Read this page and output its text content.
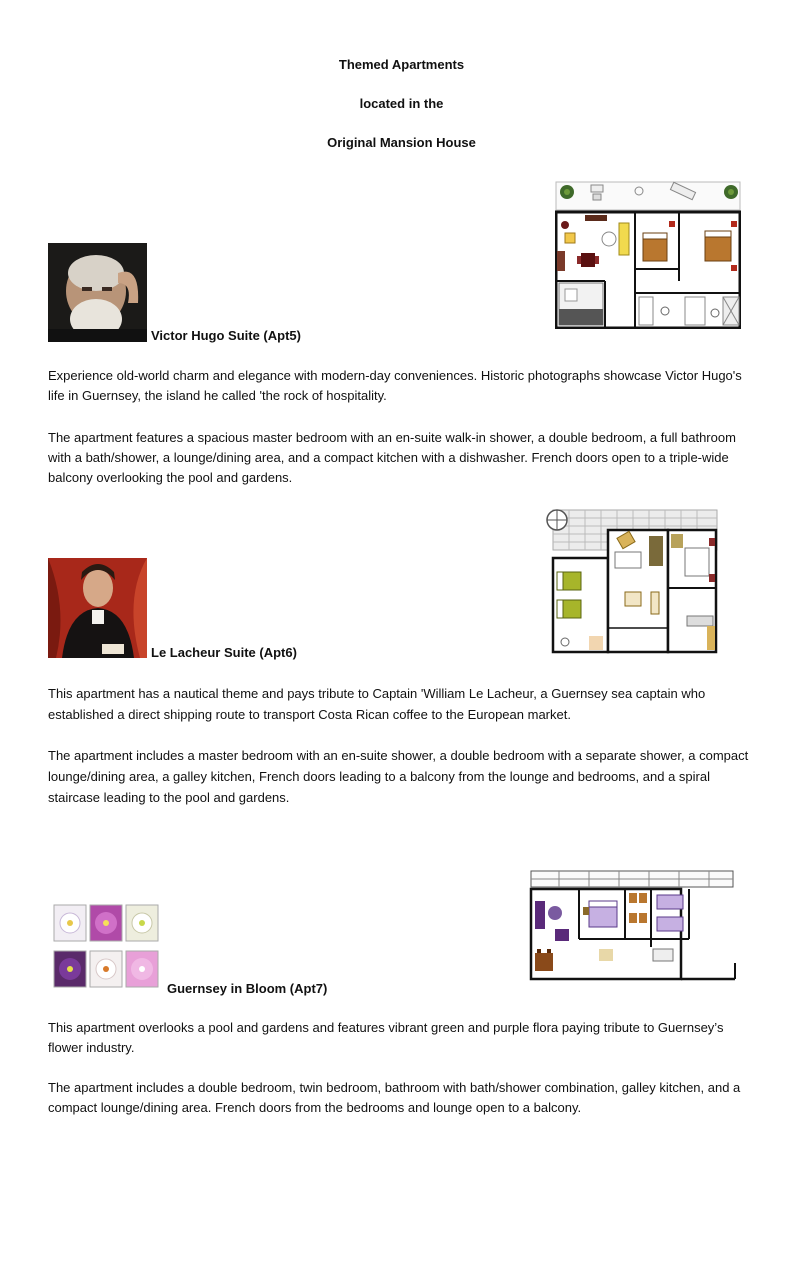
Themed Apartments
located in the
Original Mansion House
Victor Hugo Suite (Apt5)

Experience old-world charm and elegance with modern-day conveniences. Historic photographs showcase Victor Hugo's life in Guernsey, the island he called 'the rock of hospitality.

The apartment features a spacious master bedroom with an en-suite walk-in shower, a double bedroom, a full bathroom with a bath/shower, a lounge/dining area, and a compact kitchen with a dishwasher. French doors open to a triple-wide balcony overlooking the pool and gardens.

Le Lacheur Suite (Apt6)

This apartment has a nautical theme and pays tribute to Captain 'William Le Lacheur, a Guernsey sea captain who established a direct shipping route to transport Costa Rican coffee to the European market.

The apartment includes a master bedroom with an en-suite shower, a double bedroom with a separate shower, a compact lounge/dining area, a galley kitchen, French doors leading to a balcony from the lounge and bedrooms, and a spiral staircase leading to the pool and gardens.

Guernsey in Bloom (Apt7)

This apartment overlooks a pool and gardens and features vibrant green and purple flora paying tribute to Guernsey’s flower industry.

The apartment includes a double bedroom, twin bedroom, bathroom with bath/shower combination, galley kitchen, and a compact lounge/dining area. French doors from the bedrooms and lounge open to a balcony.
